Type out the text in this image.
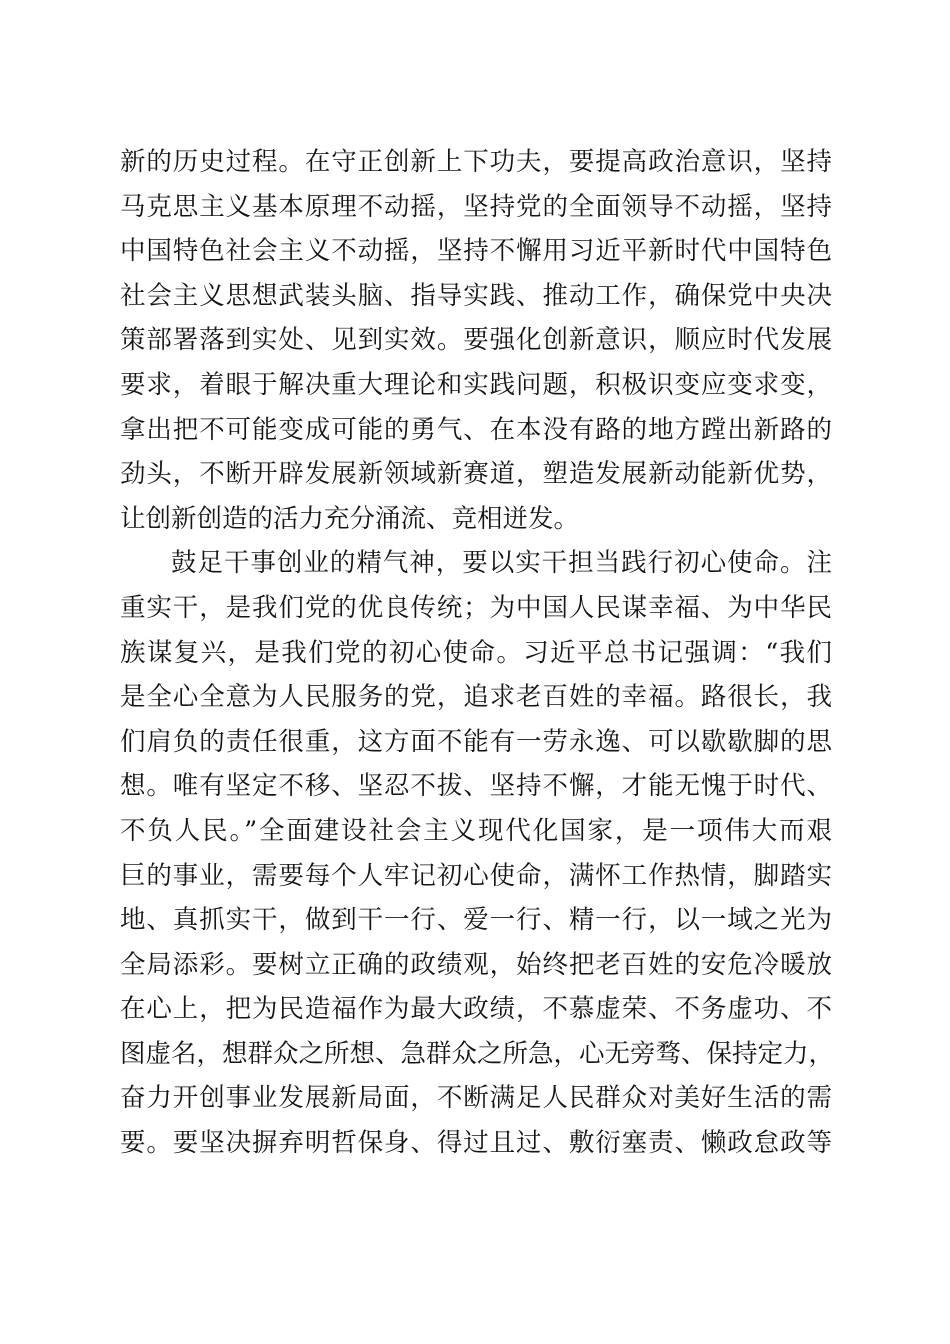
新的历史过程。在守正创新上下功夫，要提高政治意识，坚持
马克思主义基本原理不动摇，坚持党的全面领导不动摇，坚持
中国特色社会主义不动摇，坚持不懈用习近平新时代中国特色
社会主义思想武装头脑、指导实践、推动工作，确保党中央决
策部署落到实处、见到实效。要强化创新意识，顺应时代发展
要求，着眼于解决重大理论和实践问题，积极识变应变求变，
拿出把不可能变成可能的勇气、在本没有路的地方蹚出新路的
劲头，不断开辟发展新领域新赛道，塑造发展新动能新优势，
让创新创造的活力充分涌流、竞相迸发。
鼓足干事创业的精气神，要以实干担当践行初心使命。注
重实干，是我们党的优良传统；为中国人民谋幸福、为中华民
族谋复兴，是我们党的初心使命。习近平总书记强调：“我们
是全心全意为人民服务的党，追求老百姓的幸福。路很长，我
们肩负的责任很重，这方面不能有一劳永逸、可以歇歇脚的思
想。唯有坚定不移、坚忍不拔、坚持不懈，才能无愧于时代、
不负人民。”全面建设社会主义现代化国家，是一项伟大而艰
巨的事业，需要每个人牢记初心使命，满怀工作热情，脚踏实
地、真抓实干，做到干一行、爱一行、精一行，以一域之光为
全局添彩。要树立正确的政绩观，始终把老百姓的安危冷暖放
在心上，把为民造福作为最大政绩，不慕虚荣、不务虚功、不
图虚名，想群众之所想、急群众之所急，心无旁骛、保持定力，
奋力开创事业发展新局面，不断满足人民群众对美好生活的需
要。要坚决摒弃明哲保身、得过且过、敷衍塞责、懒政怠政等
